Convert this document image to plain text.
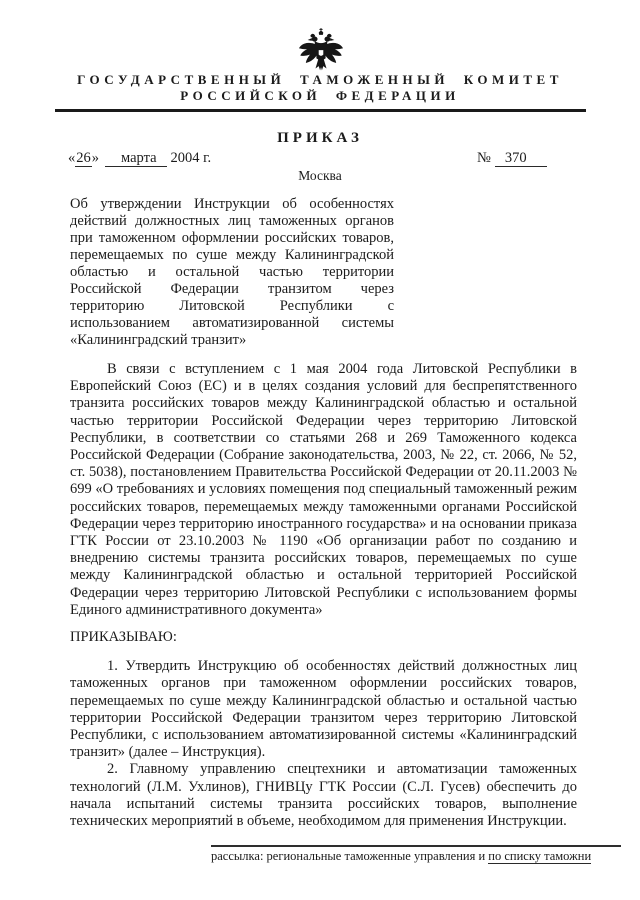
ГОСУДАРСТВЕННЫЙ ТАМОЖЕННЫЙ КОМИТЕТ
РОССИЙСКОЙ ФЕДЕРАЦИИ
ПРИКАЗ
«26» марта 2004 г.	№ 370
Москва
Об утверждении Инструкции об особенностях действий должностных лиц таможенных органов при таможенном оформлении российских товаров, перемещаемых по суше между Калининградской областью и остальной частью территории Российской Федерации транзитом через территорию Литовской Республики с использованием автоматизированной системы «Калининградский транзит»

В связи с вступлением с 1 мая 2004 года Литовской Республики в Европейский Союз (ЕС) и в целях создания условий для беспрепятственного транзита российских товаров между Калининградской областью и остальной частью территории Российской Федерации через территорию Литовской Республики, в соответствии со статьями 268 и 269 Таможенного кодекса Российской Федерации (Собрание законодательства, 2003, № 22, ст. 2066, № 52, ст. 5038), постановлением Правительства Российской Федерации от 20.11.2003 № 699 «О требованиях и условиях помещения под специальный таможенный режим российских товаров, перемещаемых между таможенными органами Российской Федерации через территорию иностранного государства» и на основании приказа ГТК России от 23.10.2003 № 1190 «Об организации работ по созданию и внедрению системы транзита российских товаров, перемещаемых по суше между Калининградской областью и остальной территорией Российской Федерации через территорию Литовской Республики с использованием формы Единого административного документа»

ПРИКАЗЫВАЮ:

1. Утвердить Инструкцию об особенностях действий должностных лиц таможенных органов при таможенном оформлении российских товаров, перемещаемых по суше между Калининградской областью и остальной частью территории Российской Федерации транзитом через территорию Литовской Республики, с использованием автоматизированной системы «Калининградский транзит» (далее – Инструкция).

2. Главному управлению спецтехники и автоматизации таможенных технологий (Л.М. Ухлинов), ГНИВЦу ГТК России (С.Л. Гусев) обеспечить до начала испытаний системы транзита российских товаров, выполнение технических мероприятий в объеме, необходимом для применения Инструкции.

рассылка: региональные таможенные управления и по списку таможни
